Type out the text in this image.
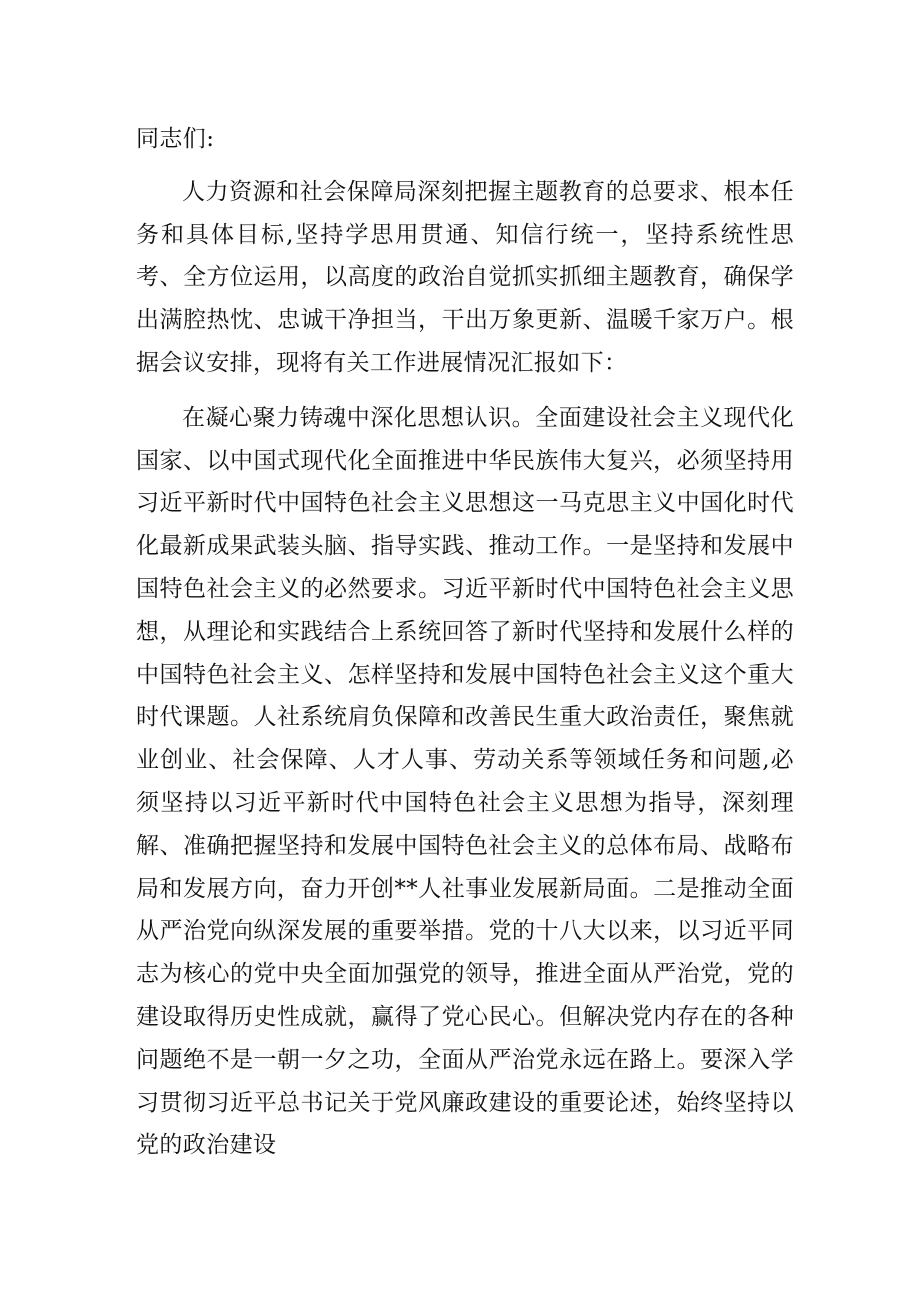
同志们:

人力资源和社会保障局深刻把握主题教育的总要求、根本任务和具体目标,坚持学思用贯通、知信行统一，坚持系统性思考、全方位运用，以高度的政治自觉抓实抓细主题教育，确保学出满腔热忱、忠诚干净担当，干出万象更新、温暖千家万户。根据会议安排，现将有关工作进展情况汇报如下：

在凝心聚力铸魂中深化思想认识。全面建设社会主义现代化国家、以中国式现代化全面推进中华民族伟大复兴，必须坚持用习近平新时代中国特色社会主义思想这一马克思主义中国化时代化最新成果武装头脑、指导实践、推动工作。一是坚持和发展中国特色社会主义的必然要求。习近平新时代中国特色社会主义思想，从理论和实践结合上系统回答了新时代坚持和发展什么样的中国特色社会主义、怎样坚持和发展中国特色社会主义这个重大时代课题。人社系统肩负保障和改善民生重大政治责任，聚焦就业创业、社会保障、人才人事、劳动关系等领域任务和问题,必须坚持以习近平新时代中国特色社会主义思想为指导，深刻理解、准确把握坚持和发展中国特色社会主义的总体布局、战略布局和发展方向，奋力开创**人社事业发展新局面。二是推动全面从严治党向纵深发展的重要举措。党的十八大以来，以习近平同志为核心的党中央全面加强党的领导，推进全面从严治党，党的建设取得历史性成就，赢得了党心民心。但解决党内存在的各种问题绝不是一朝一夕之功，全面从严治党永远在路上。要深入学习贯彻习近平总书记关于党风廉政建设的重要论述，始终坚持以党的政治建设
